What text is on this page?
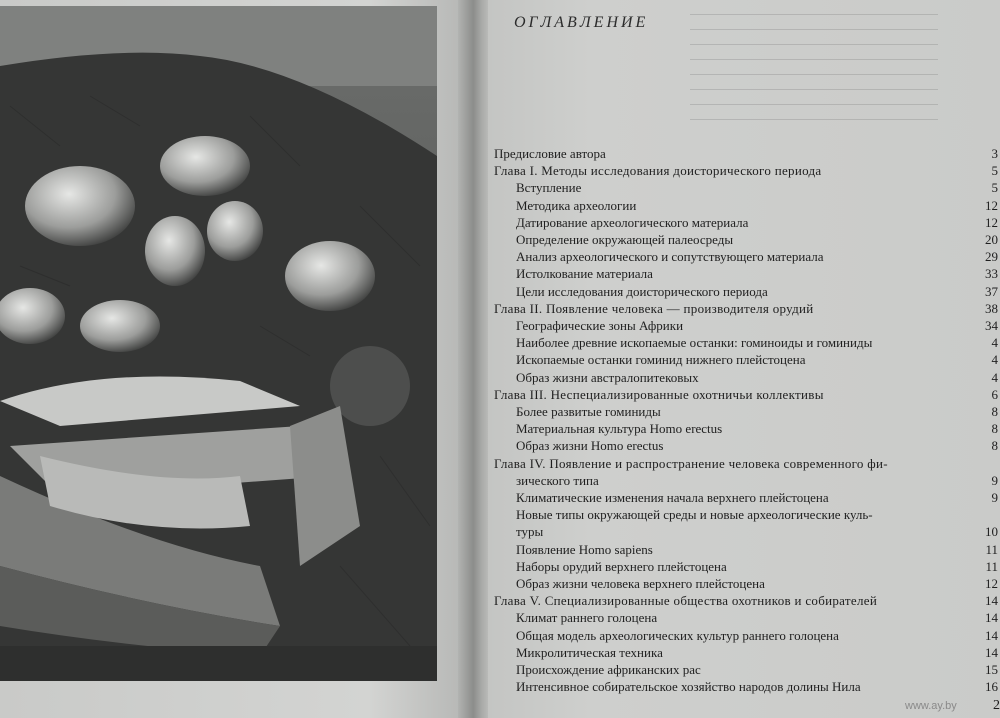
ОГЛАВЛЕНИЕ
Предисловие автора	3
Глава I. Методы исследования доисторического периода	5
Вступление	5
Методика археологии	12
Датирование археологического материала	12
Определение окружающей палеосреды	20
Анализ археологического и сопутствующего материала	29
Истолкование материала	33
Цели исследования доисторического периода	37
Глава II. Появление человека — производителя орудий	38
Географические зоны Африки	34
Наиболее древние ископаемые останки: гоминоиды и гоминиды	4
Ископаемые останки гоминид нижнего плейстоцена	4
Образ жизни австралопитековых	4
Глава III. Неспециализированные охотничьи коллективы	6
Более развитые гоминиды	8
Материальная культура Homo erectus	8
Образ жизни Homo erectus	8
Глава IV. Появление и распространение человека современного фи-
зического типа	9
Климатические изменения начала верхнего плейстоцена	9
Новые типы окружающей среды и новые археологические куль-
туры	10
Появление Homo sapiens	11
Наборы орудий верхнего плейстоцена	11
Образ жизни человека верхнего плейстоцена	12
Глава V. Специализированные общества охотников и собирателей	14
Климат раннего голоцена	14
Общая модель археологических культур раннего голоцена	14
Микролитическая техника	14
Происхождение африканских рас	15
Интенсивное собирательское хозяйство народов долины Нила	16
2
www.ay.by
